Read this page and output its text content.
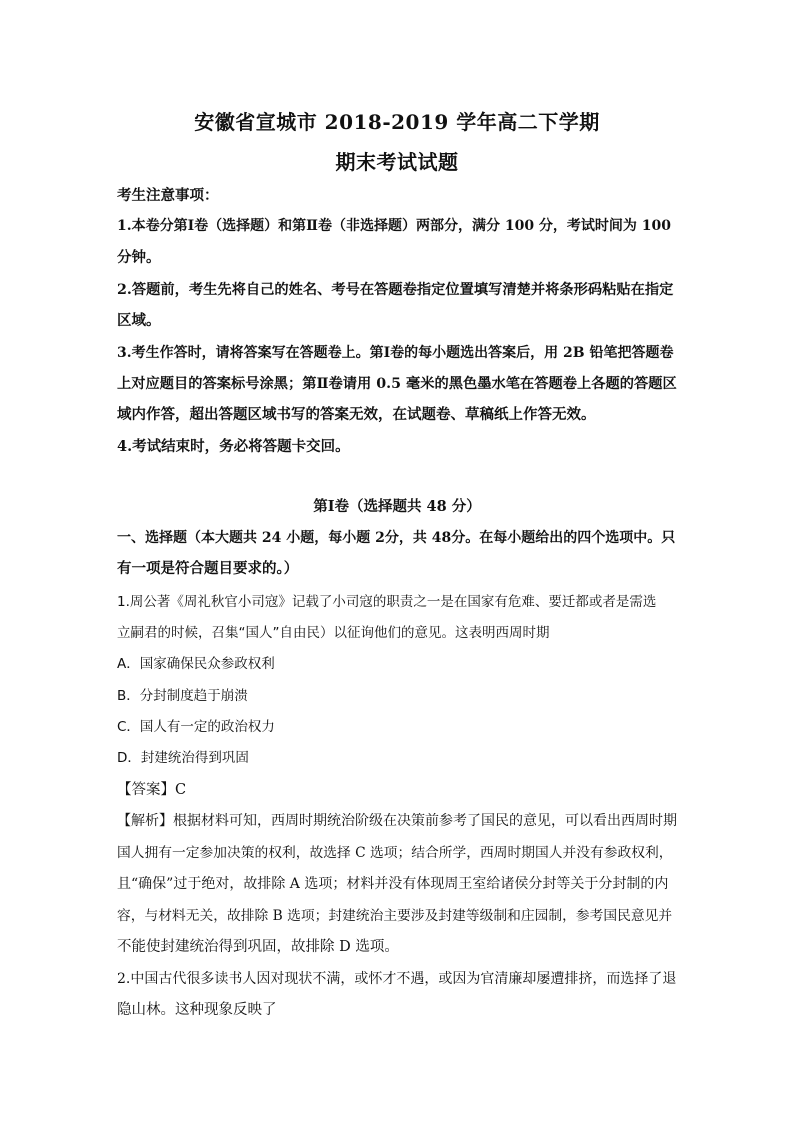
安徽省宣城市 2018-2019 学年高二下学期
期末考试试题
考生注意事项：
1.本卷分第Ⅰ卷（选择题）和第Ⅱ卷（非选择题）两部分，满分 100 分，考试时间为 100
分钟。
2.答题前，考生先将自己的姓名、考号在答题卷指定位置填写清楚并将条形码粘贴在指定
区域。
3.考生作答时，请将答案写在答题卷上。第Ⅰ卷的每小题选出答案后，用 2B 铅笔把答题卷
上对应题目的答案标号涂黑；第Ⅱ卷请用 0.5 毫米的黑色墨水笔在答题卷上各题的答题区
域内作答，超出答题区域书写的答案无效，在试题卷、草稿纸上作答无效。
4.考试结束时，务必将答题卡交回。
第Ⅰ卷（选择题共 48 分）
一、选择题（本大题共 24 小题，每小题 2分，共 48分。在每小题给出的四个选项中。只
有一项是符合题目要求的。）
1.周公著《周礼秋官小司寇》记载了小司寇的职责之一是在国家有危难、要迁都或者是需选
立嗣君的时候，召集“国人”自由民）以征询他们的意见。这表明西周时期
A．国家确保民众参政权利
B．分封制度趋于崩溃
C．国人有一定的政治权力
D．封建统治得到巩固
【答案】C
【解析】根据材料可知，西周时期统治阶级在决策前参考了国民的意见，可以看出西周时期
国人拥有一定参加决策的权利，故选择 C 选项；结合所学，西周时期国人并没有参政权利，
且“确保”过于绝对，故排除 A 选项；材料并没有体现周王室给诸侯分封等关于分封制的内
容，与材料无关，故排除 B 选项；封建统治主要涉及封建等级制和庄园制，参考国民意见并
不能使封建统治得到巩固，故排除 D 选项。
2.中国古代很多读书人因对现状不满，或怀才不遇，或因为官清廉却屡遭排挤，而选择了退
隐山林。这种现象反映了
